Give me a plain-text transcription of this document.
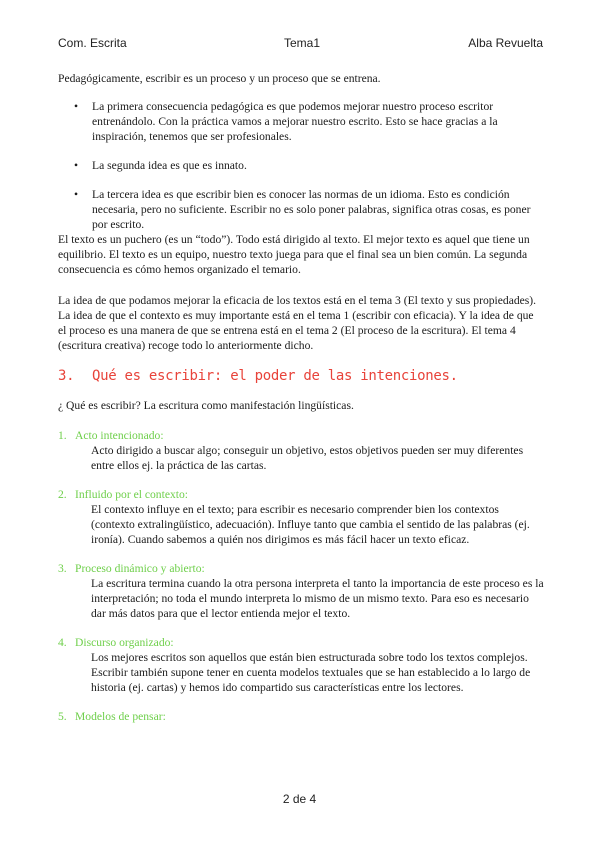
Com. Escrita	Tema1	Alba Revuelta

Pedagógicamente, escribir es un proceso y un proceso que se entrena.

• La primera consecuencia pedagógica es que podemos mejorar nuestro proceso escritor entrenándolo. Con la práctica vamos a mejorar nuestro escrito. Esto se hace gracias a la inspiración, tenemos que ser profesionales.
• La segunda idea es que es innato.
• La tercera idea es que escribir bien es conocer las normas de un idioma. Esto es condición necesaria, pero no suficiente. Escribir no es solo poner palabras, significa otras cosas, es poner por escrito.

El texto es un puchero (es un “todo”). Todo está dirigido al texto. El mejor texto es aquel que tiene un equilibrio. El texto es un equipo, nuestro texto juega para que el final sea un bien común. La segunda consecuencia es cómo hemos organizado el temario.

La idea de que podamos mejorar la eficacia de los textos está en el tema 3 (El texto y sus propiedades). La idea de que el contexto es muy importante está en el tema 1 (escribir con eficacia). Y la idea de que el proceso es una manera de que se entrena está en el tema 2 (El proceso de la escritura). El tema 4 (escritura creativa) recoge todo lo anteriormente dicho.

3. Qué es escribir: el poder de las intenciones.

¿ Qué es escribir? La escritura como manifestación lingüísticas.

1. Acto intencionado:
Acto dirigido a buscar algo; conseguir un objetivo, estos objetivos pueden ser muy diferentes entre ellos ej. la práctica de las cartas.
2. Influido por el contexto:
El contexto influye en el texto; para escribir es necesario comprender bien los contextos (contexto extralingüístico, adecuación). Influye tanto que cambia el sentido de las palabras (ej. ironía). Cuando sabemos a quién nos dirigimos es más fácil hacer un texto eficaz.
3. Proceso dinámico y abierto:
La escritura termina cuando la otra persona interpreta el tanto la importancia de este proceso es la interpretación; no toda el mundo interpreta lo mismo de un mismo texto. Para eso es necesario dar más datos para que el lector entienda mejor el texto.
4. Discurso organizado:
Los mejores escritos son aquellos que están bien estructurada sobre todo los textos complejos. Escribir también supone tener en cuenta modelos textuales que se han establecido a lo largo de historia (ej. cartas) y hemos ido compartido sus características entre los lectores.
5. Modelos de pensar:
2 de 4
